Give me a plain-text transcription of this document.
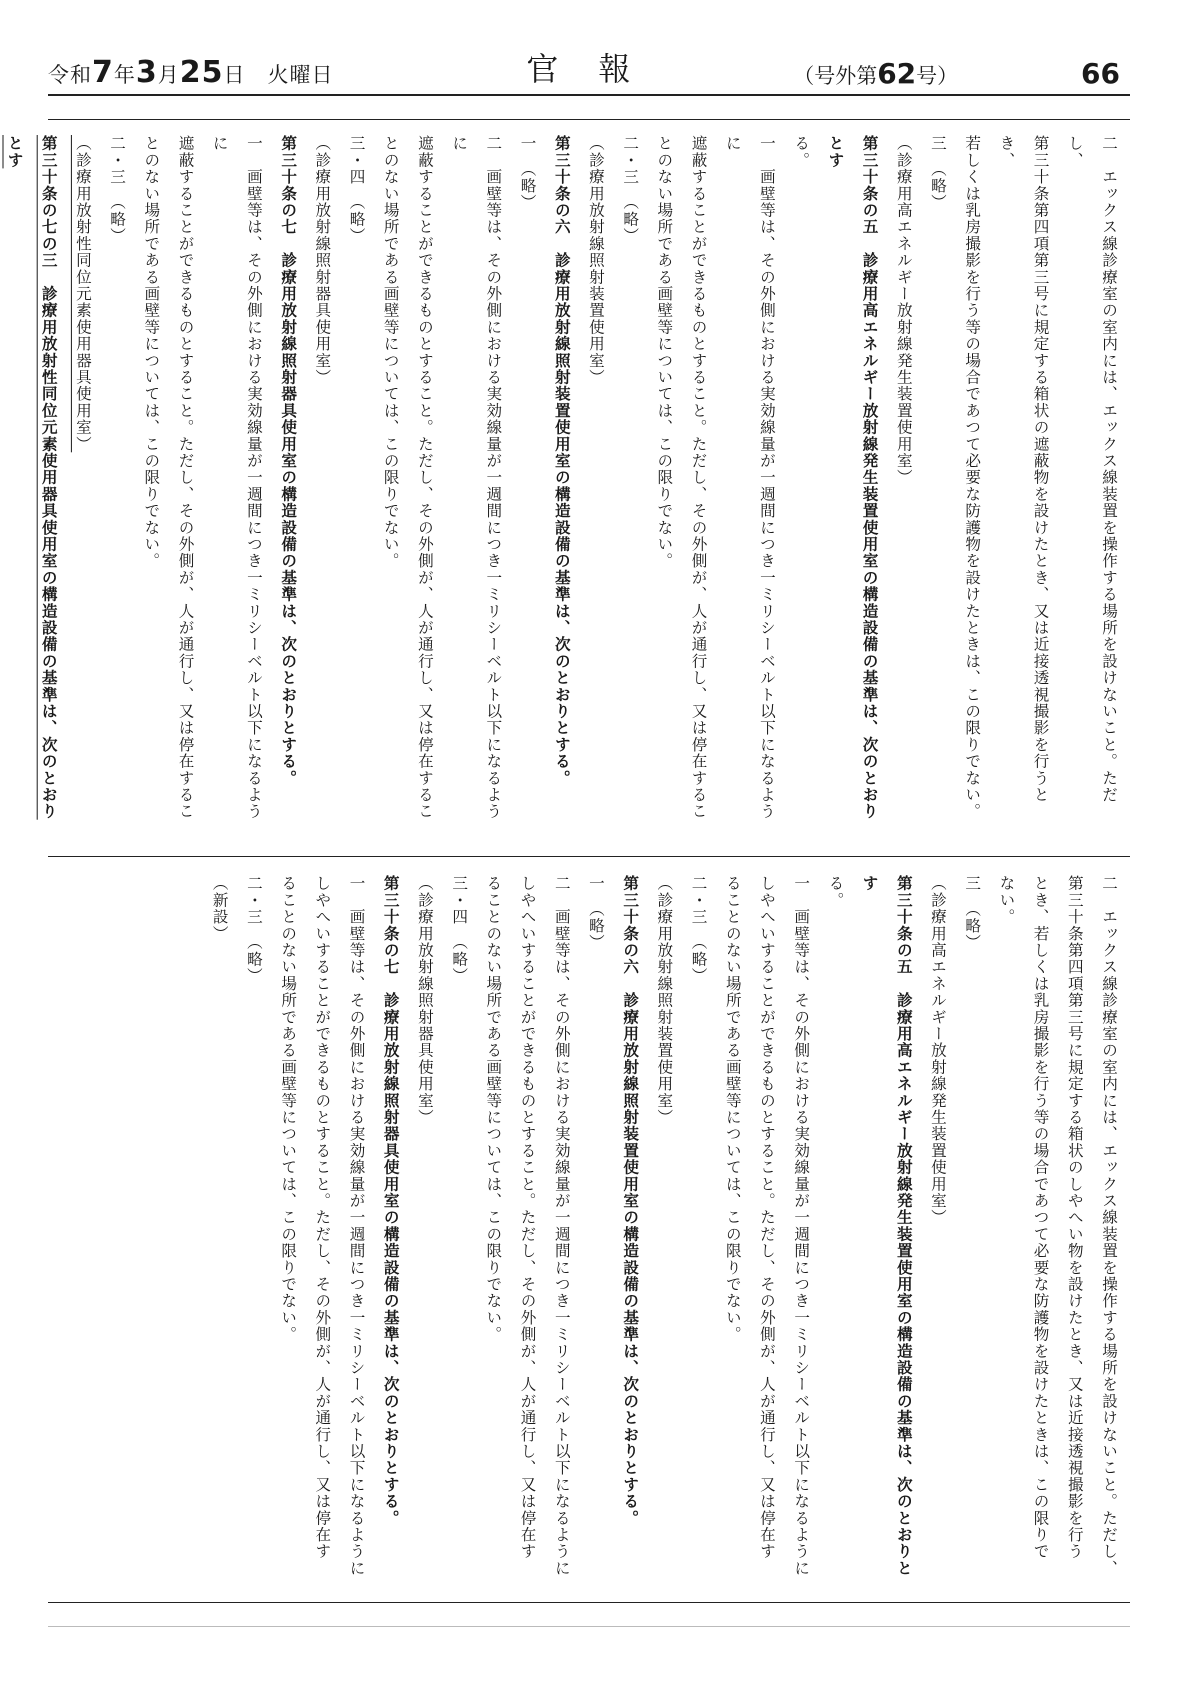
令和7年3月25日　 火曜日	官報	（号外第62号）	66
二　エックス線診療室の室内には、エックス線装置を操作する場所を設けないこと。ただし、
第三十条第四項第三号に規定する箱状の遮蔽物を設けたとき、又は近接透視撮影を行うとき、
若しくは乳房撮影を行う等の場合であつて必要な防護物を設けたときは、この限りでない。
三　（略）
（診療用高エネルギー放射線発生装置使用室）
第三十条の五　診療用高エネルギー放射線発生装置使用室の構造設備の基準は、次のとおりとす
る。
一　画壁等は、その外側における実効線量が一週間につき一ミリシーベルト以下になるように
遮蔽することができるものとすること。ただし、その外側が、人が通行し、又は停在するこ
とのない場所である画壁等については、この限りでない。
二・三　（略）
（診療用放射線照射装置使用室）
第三十条の六　診療用放射線照射装置使用室の構造設備の基準は、次のとおりとする。
一　（略）
二　画壁等は、その外側における実効線量が一週間につき一ミリシーベルト以下になるように
遮蔽することができるものとすること。ただし、その外側が、人が通行し、又は停在するこ
とのない場所である画壁等については、この限りでない。
三・四　（略）
（診療用放射線照射器具使用室）
第三十条の七　診療用放射線照射器具使用室の構造設備の基準は、次のとおりとする。
一　画壁等は、その外側における実効線量が一週間につき一ミリシーベルト以下になるように
遮蔽することができるものとすること。ただし、その外側が、人が通行し、又は停在するこ
とのない場所である画壁等については、この限りでない。
二・三　（略）
（診療用放射性同位元素使用器具使用室）
第三十条の七の三　診療用放射性同位元素使用器具使用室の構造設備の基準は、次のとおりとす
二　エックス線診療室の室内には、エックス線装置を操作する場所を設けないこと。ただし、
第三十条第四項第三号に規定する箱状のしやへい物を設けたとき、又は近接透視撮影を行う
とき、若しくは乳房撮影を行う等の場合であつて必要な防護物を設けたときは、この限りで
ない。
三　（略）
（診療用高エネルギー放射線発生装置使用室）
第三十条の五　診療用高エネルギー放射線発生装置使用室の構造設備の基準は、次のとおりとす
る。
一　画壁等は、その外側における実効線量が一週間につき一ミリシーベルト以下になるように
しやへいすることができるものとすること。ただし、その外側が、人が通行し、又は停在す
ることのない場所である画壁等については、この限りでない。
二・三　（略）
（診療用放射線照射装置使用室）
第三十条の六　診療用放射線照射装置使用室の構造設備の基準は、次のとおりとする。
一　（略）
二　画壁等は、その外側における実効線量が一週間につき一ミリシーベルト以下になるように
しやへいすることができるものとすること。ただし、その外側が、人が通行し、又は停在す
ることのない場所である画壁等については、この限りでない。
三・四　（略）
（診療用放射線照射器具使用室）
第三十条の七　診療用放射線照射器具使用室の構造設備の基準は、次のとおりとする。
一　画壁等は、その外側における実効線量が一週間につき一ミリシーベルト以下になるように
しやへいすることができるものとすること。ただし、その外側が、人が通行し、又は停在す
ることのない場所である画壁等については、この限りでない。
二・三　（略）
（新設）
